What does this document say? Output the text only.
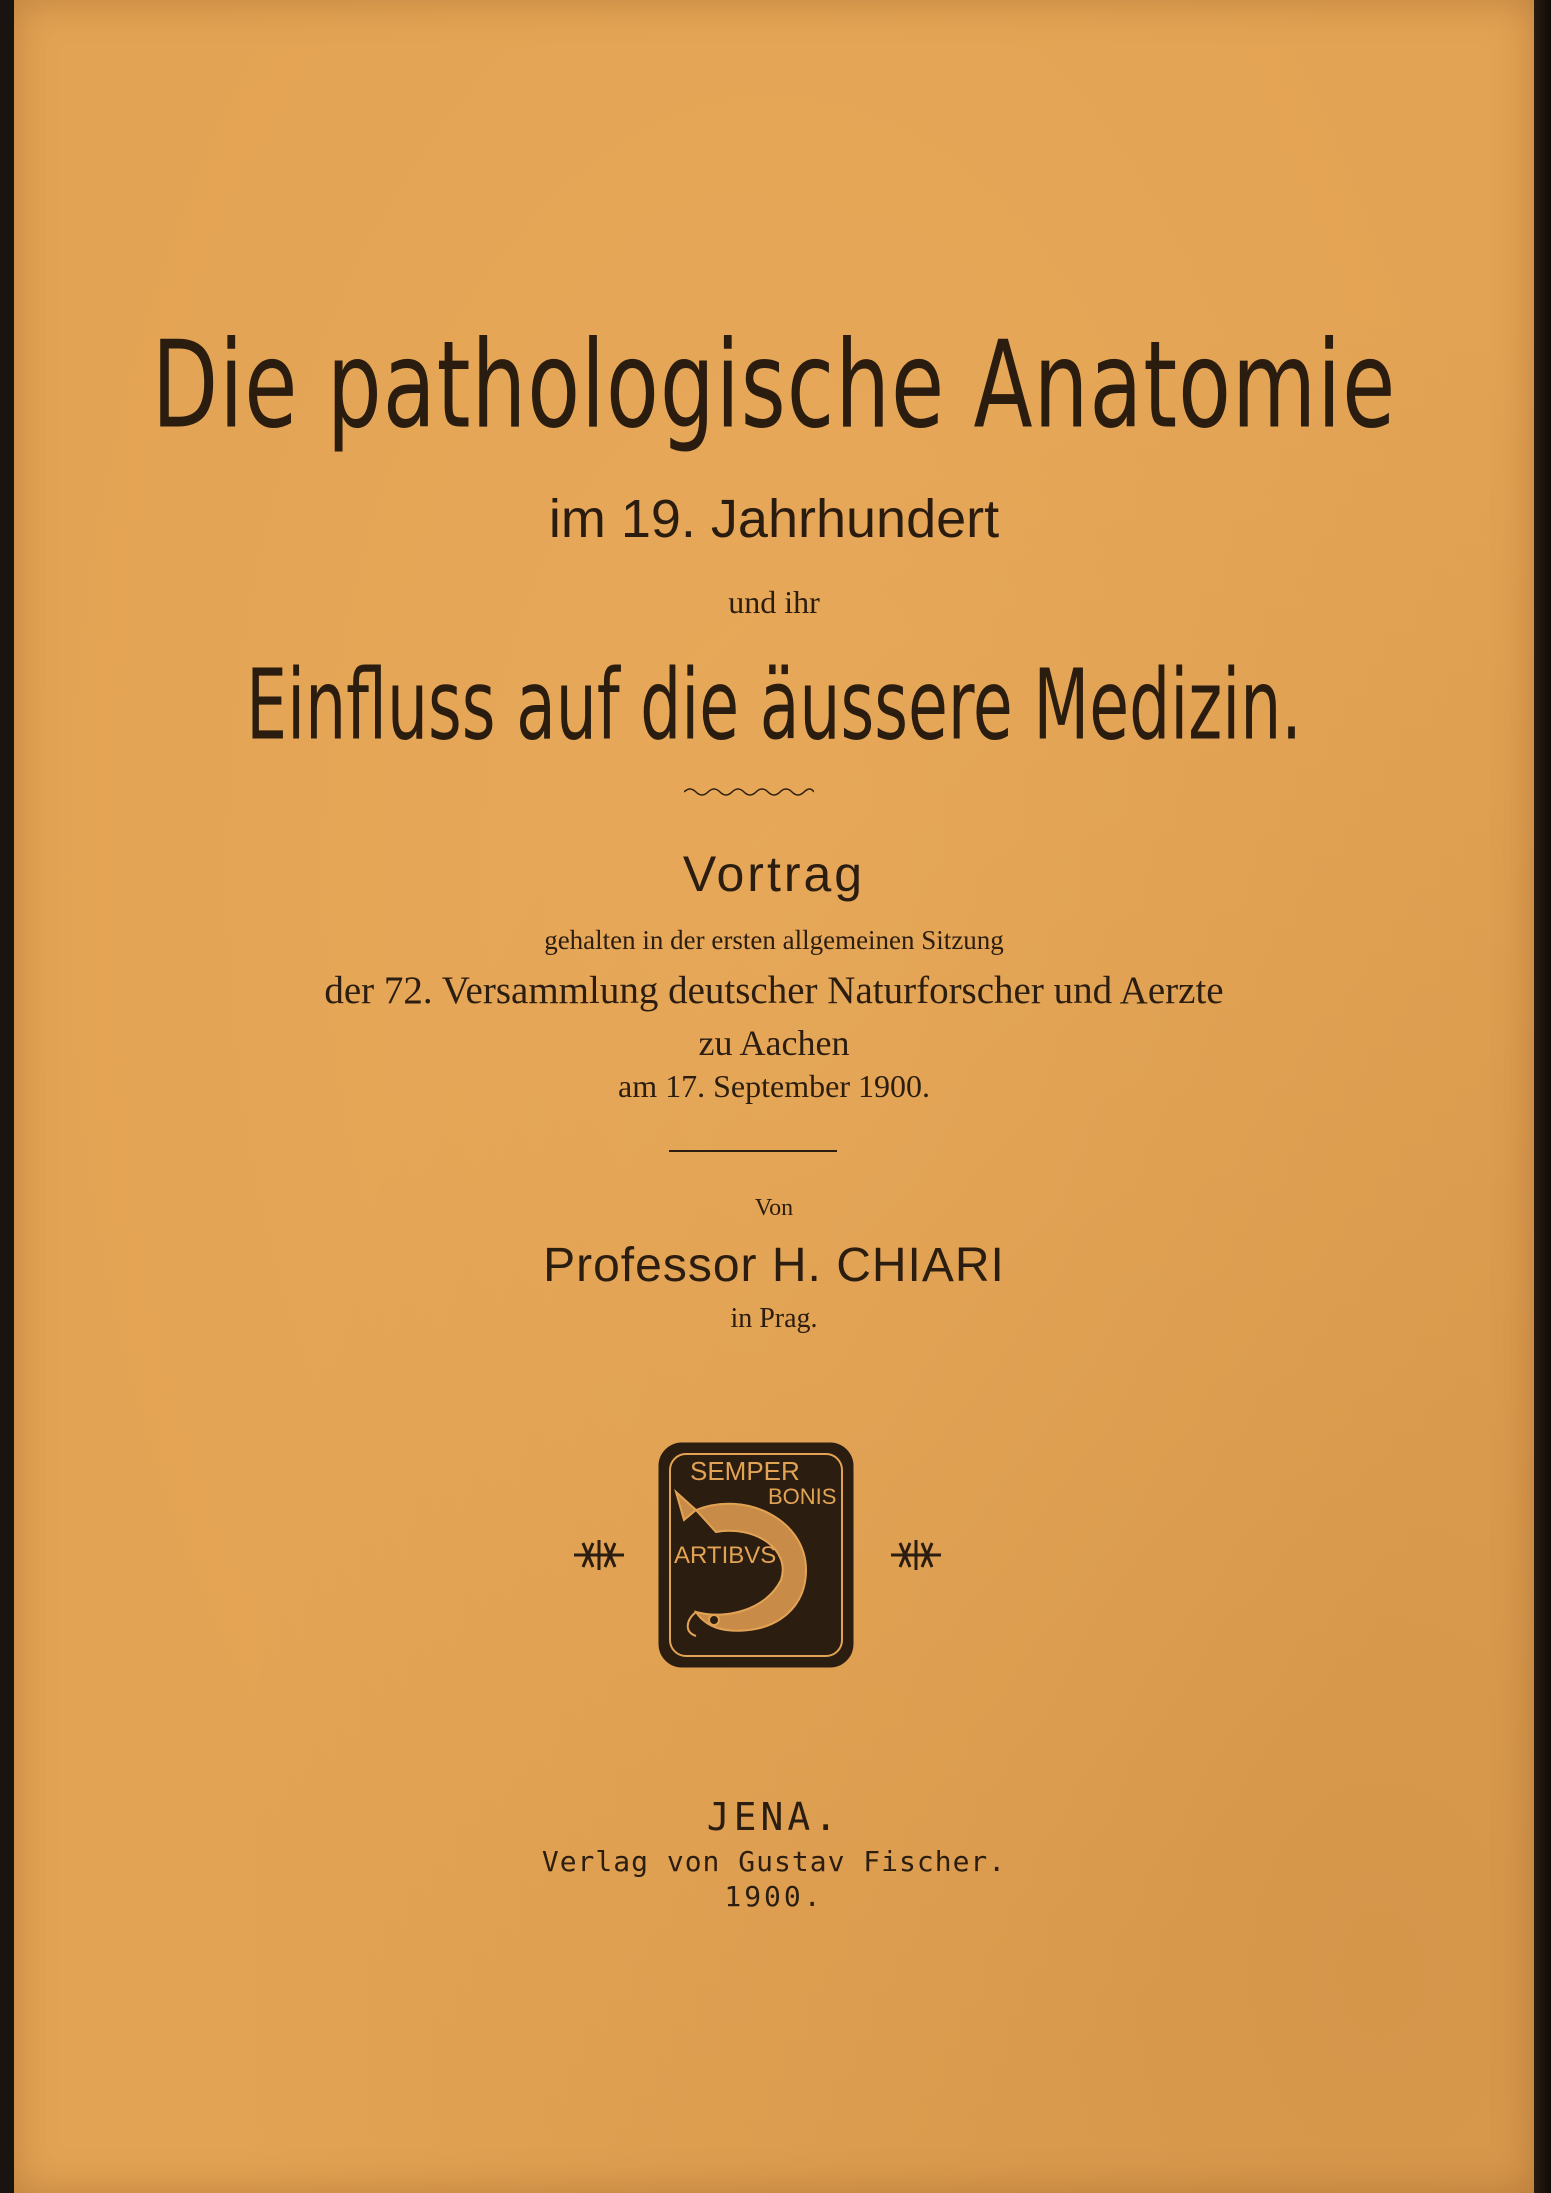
Die pathologische Anatomie
im 19. Jahrhundert
und ihr
Einfluss auf die äussere Medizin.
Vortrag
gehalten in der ersten allgemeinen Sitzung
der 72. Versammlung deutscher Naturforscher und Aerzte
zu Aachen
am 17. September 1900.
Von
Professor H. CHIARI
in Prag.
SEMPER
BONIS
ARTIBVS
JENA.
Verlag von Gustav Fischer.
1900.
